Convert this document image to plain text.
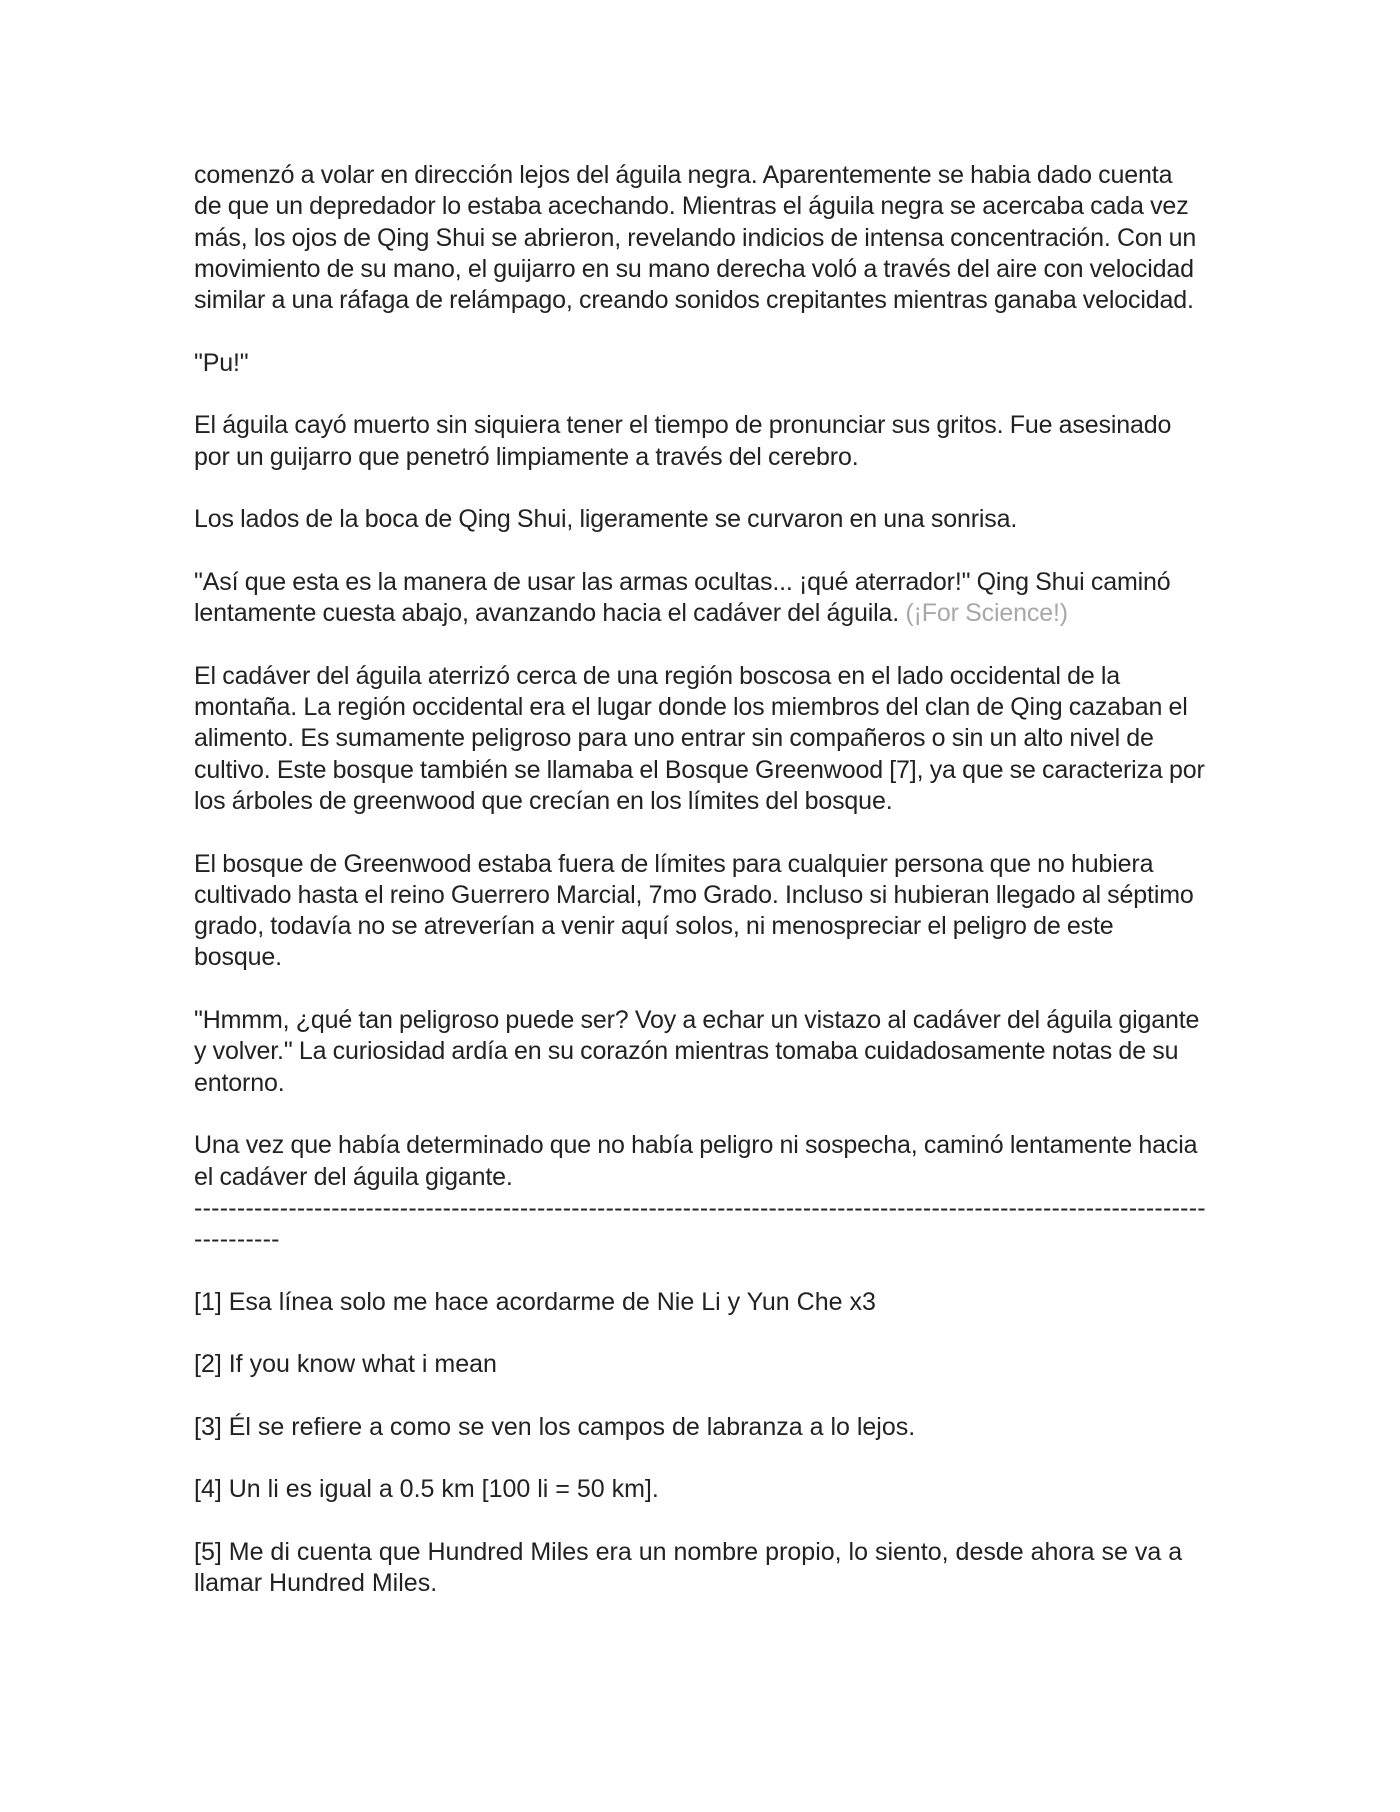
comenzó a volar en dirección lejos del águila negra. Aparentemente se habia dado cuenta de que un depredador lo estaba acechando. Mientras el águila negra se acercaba cada vez más, los ojos de Qing Shui se abrieron, revelando indicios de intensa concentración. Con un movimiento de su mano, el guijarro en su mano derecha voló a través del aire con velocidad similar a una ráfaga de relámpago, creando sonidos crepitantes mientras ganaba velocidad.

"Pu!"

El águila cayó muerto sin siquiera tener el tiempo de pronunciar sus gritos. Fue asesinado por un guijarro que penetró limpiamente a través del cerebro.

Los lados de la boca de Qing Shui, ligeramente se curvaron en una sonrisa.

"Así que esta es la manera de usar las armas ocultas... ¡qué aterrador!" Qing Shui caminó lentamente cuesta abajo, avanzando hacia el cadáver del águila. (¡For Science!)

El cadáver del águila aterrizó cerca de una región boscosa en el lado occidental de la montaña. La región occidental era el lugar donde los miembros del clan de Qing cazaban el alimento. Es sumamente peligroso para uno entrar sin compañeros o sin un alto nivel de cultivo. Este bosque también se llamaba el Bosque Greenwood [7], ya que se caracteriza por los árboles de greenwood que crecían en los límites del bosque.

El bosque de Greenwood estaba fuera de límites para cualquier persona que no hubiera cultivado hasta el reino Guerrero Marcial, 7mo Grado. Incluso si hubieran llegado al séptimo grado, todavía no se atreverían a venir aquí solos, ni menospreciar el peligro de este bosque.

"Hmmm, ¿qué tan peligroso puede ser? Voy a echar un vistazo al cadáver del águila gigante y volver." La curiosidad ardía en su corazón mientras tomaba cuidadosamente notas de su entorno.

Una vez que había determinado que no había peligro ni sospecha, caminó lentamente hacia el cadáver del águila gigante.

--------------------------------------------------------------------------------------------------------------------------------

[1] Esa línea solo me hace acordarme de Nie Li y Yun Che x3

[2] If you know what i mean

[3] Él se refiere a como se ven los campos de labranza a lo lejos.

[4] Un li es igual a 0.5 km [100 li = 50 km].

[5] Me di cuenta que Hundred Miles era un nombre propio, lo siento, desde ahora se va a llamar Hundred Miles.
